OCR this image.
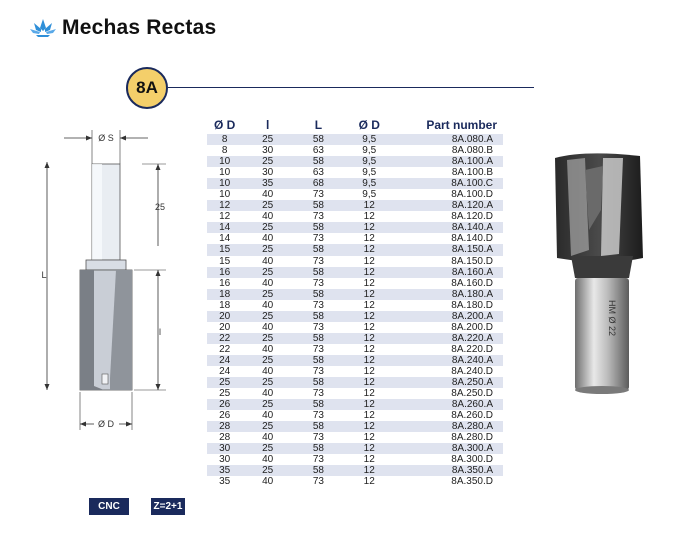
Mechas Rectas
8A
Ø S
L
25
l
Ø D
Ø D	l	L	Ø D	Part number
8	25	58	9,5	8A.080.A
8	30	63	9,5	8A.080.B
10	25	58	9,5	8A.100.A
10	30	63	9,5	8A.100.B
10	35	68	9,5	8A.100.C
10	40	73	9,5	8A.100.D
12	25	58	12	8A.120.A
12	40	73	12	8A.120.D
14	25	58	12	8A.140.A
14	40	73	12	8A.140.D
15	25	58	12	8A.150.A
15	40	73	12	8A.150.D
16	25	58	12	8A.160.A
16	40	73	12	8A.160.D
18	25	58	12	8A.180.A
18	40	73	12	8A.180.D
20	25	58	12	8A.200.A
20	40	73	12	8A.200.D
22	25	58	12	8A.220.A
22	40	73	12	8A.220.D
24	25	58	12	8A.240.A
24	40	73	12	8A.240.D
25	25	58	12	8A.250.A
25	40	73	12	8A.250.D
26	25	58	12	8A.260.A
26	40	73	12	8A.260.D
28	25	58	12	8A.280.A
28	40	73	12	8A.280.D
30	25	58	12	8A.300.A
30	40	73	12	8A.300.D
35	25	58	12	8A.350.A
35	40	73	12	8A.350.D
HM Ø 22
CNC	Z=2+1
